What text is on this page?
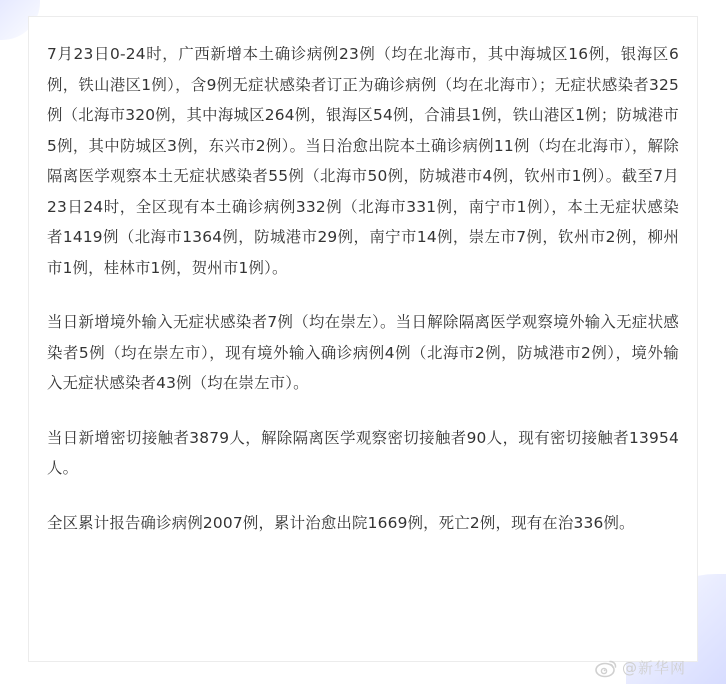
7月23日0-24时，广西新增本土确诊病例23例（均在北海市，其中海城区16例，银海区6例，铁山港区1例），含9例无症状感染者订正为确诊病例（均在北海市）；无症状感染者325例（北海市320例，其中海城区264例，银海区54例，合浦县1例，铁山港区1例；防城港市5例，其中防城区3例，东兴市2例）。当日治愈出院本土确诊病例11例（均在北海市），解除隔离医学观察本土无症状感染者55例（北海市50例，防城港市4例，钦州市1例）。截至7月23日24时，全区现有本土确诊病例332例（北海市331例，南宁市1例），本土无症状感染者1419例（北海市1364例，防城港市29例，南宁市14例，崇左市7例，钦州市2例，柳州市1例，桂林市1例，贺州市1例）。

当日新增境外输入无症状感染者7例（均在崇左）。当日解除隔离医学观察境外输入无症状感染者5例（均在崇左市），现有境外输入确诊病例4例（北海市2例，防城港市2例），境外输入无症状感染者43例（均在崇左市）。

当日新增密切接触者3879人，解除隔离医学观察密切接触者90人，现有密切接触者13954人。

全区累计报告确诊病例2007例，累计治愈出院1669例，死亡2例，现有在治336例。

@新华网
